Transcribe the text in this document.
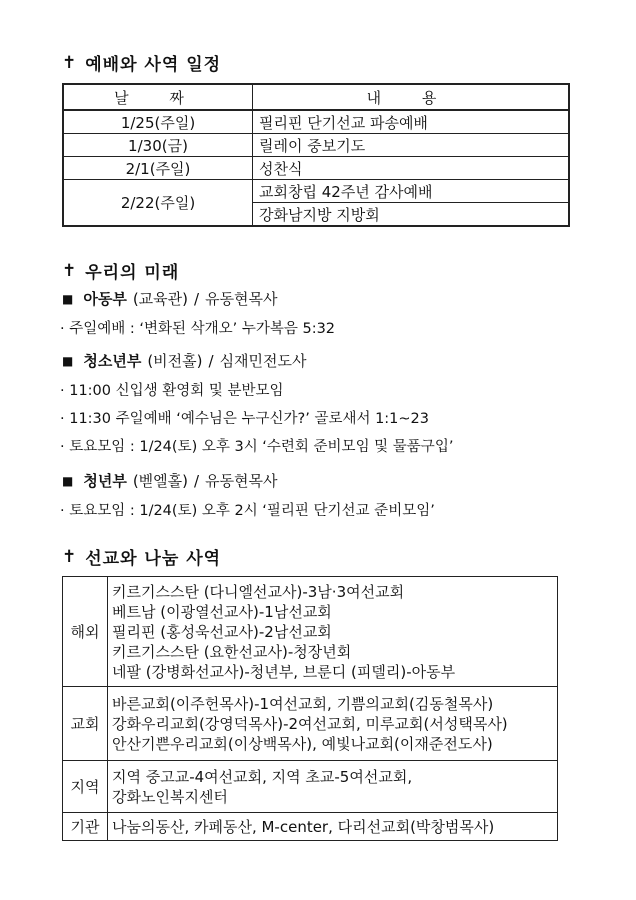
✝ 예배와 사역 일정
날 짜	내 용
1/25(주일)	필리핀 단기선교 파송예배
1/30(금)	릴레이 중보기도
2/1(주일)	성찬식
2/22(주일)	교회창립 42주년 감사예배
	강화남지방 지방회
✝ 우리의 미래
■ 아동부 (교육관) / 유동현목사
· 주일예배 : ‘변화된 삭개오’ 누가복음 5:32
■ 청소년부 (비전홀) / 심재민전도사
· 11:00 신입생 환영회 및 분반모임
· 11:30 주일예배 ‘예수님은 누구신가?’ 골로새서 1:1~23
· 토요모임 : 1/24(토) 오후 3시 ‘수련회 준비모임 및 물품구입’
■ 청년부 (벧엘홀) / 유동현목사
· 토요모임 : 1/24(토) 오후 2시 ‘필리핀 단기선교 준비모임’
✝ 선교와 나눔 사역
해외	키르기스스탄 (다니엘선교사)-3남·3여선교회
베트남 (이광열선교사)-1남선교회
필리핀 (홍성욱선교사)-2남선교회
키르기스스탄 (요한선교사)-청장년회
네팔 (강병화선교사)-청년부, 브룬디 (피델리)-아동부

교회	바른교회(이주헌목사)-1여선교회, 기쁨의교회(김동철목사)
강화우리교회(강영덕목사)-2여선교회, 미루교회(서성택목사)
안산기쁜우리교회(이상백목사), 예빛나교회(이재준전도사)

지역	지역 중고교-4여선교회, 지역 초교-5여선교회,
강화노인복지센터

기관	나눔의동산, 카페동산, M-center, 다리선교회(박창범목사)
